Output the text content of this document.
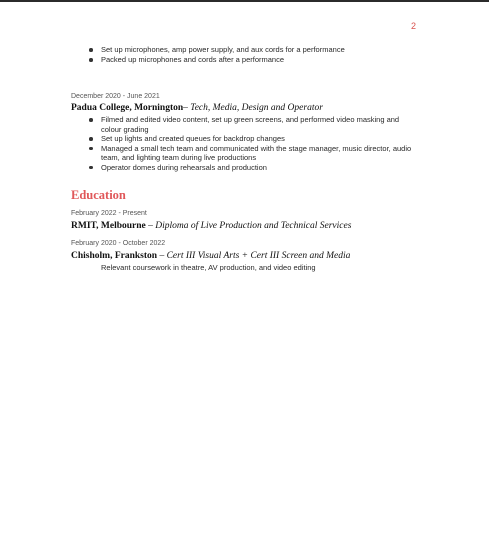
2
Set up microphones, amp power supply, and aux cords for a performance
Packed up microphones and cords after a performance
December 2020 - June 2021
Padua College, Mornington– Tech, Media, Design and Operator
Filmed and edited video content, set up green screens, and performed video masking and colour grading
Set up lights and created queues for backdrop changes
Managed a small tech team and communicated with the stage manager, music director, audio team, and lighting team during live productions
Operator domes during rehearsals and production
Education
February 2022 - Present
RMIT, Melbourne – Diploma of Live Production and Technical Services
February 2020 - October 2022
Chisholm, Frankston – Cert III Visual Arts + Cert III Screen and Media
Relevant coursework in theatre, AV production, and video editing
